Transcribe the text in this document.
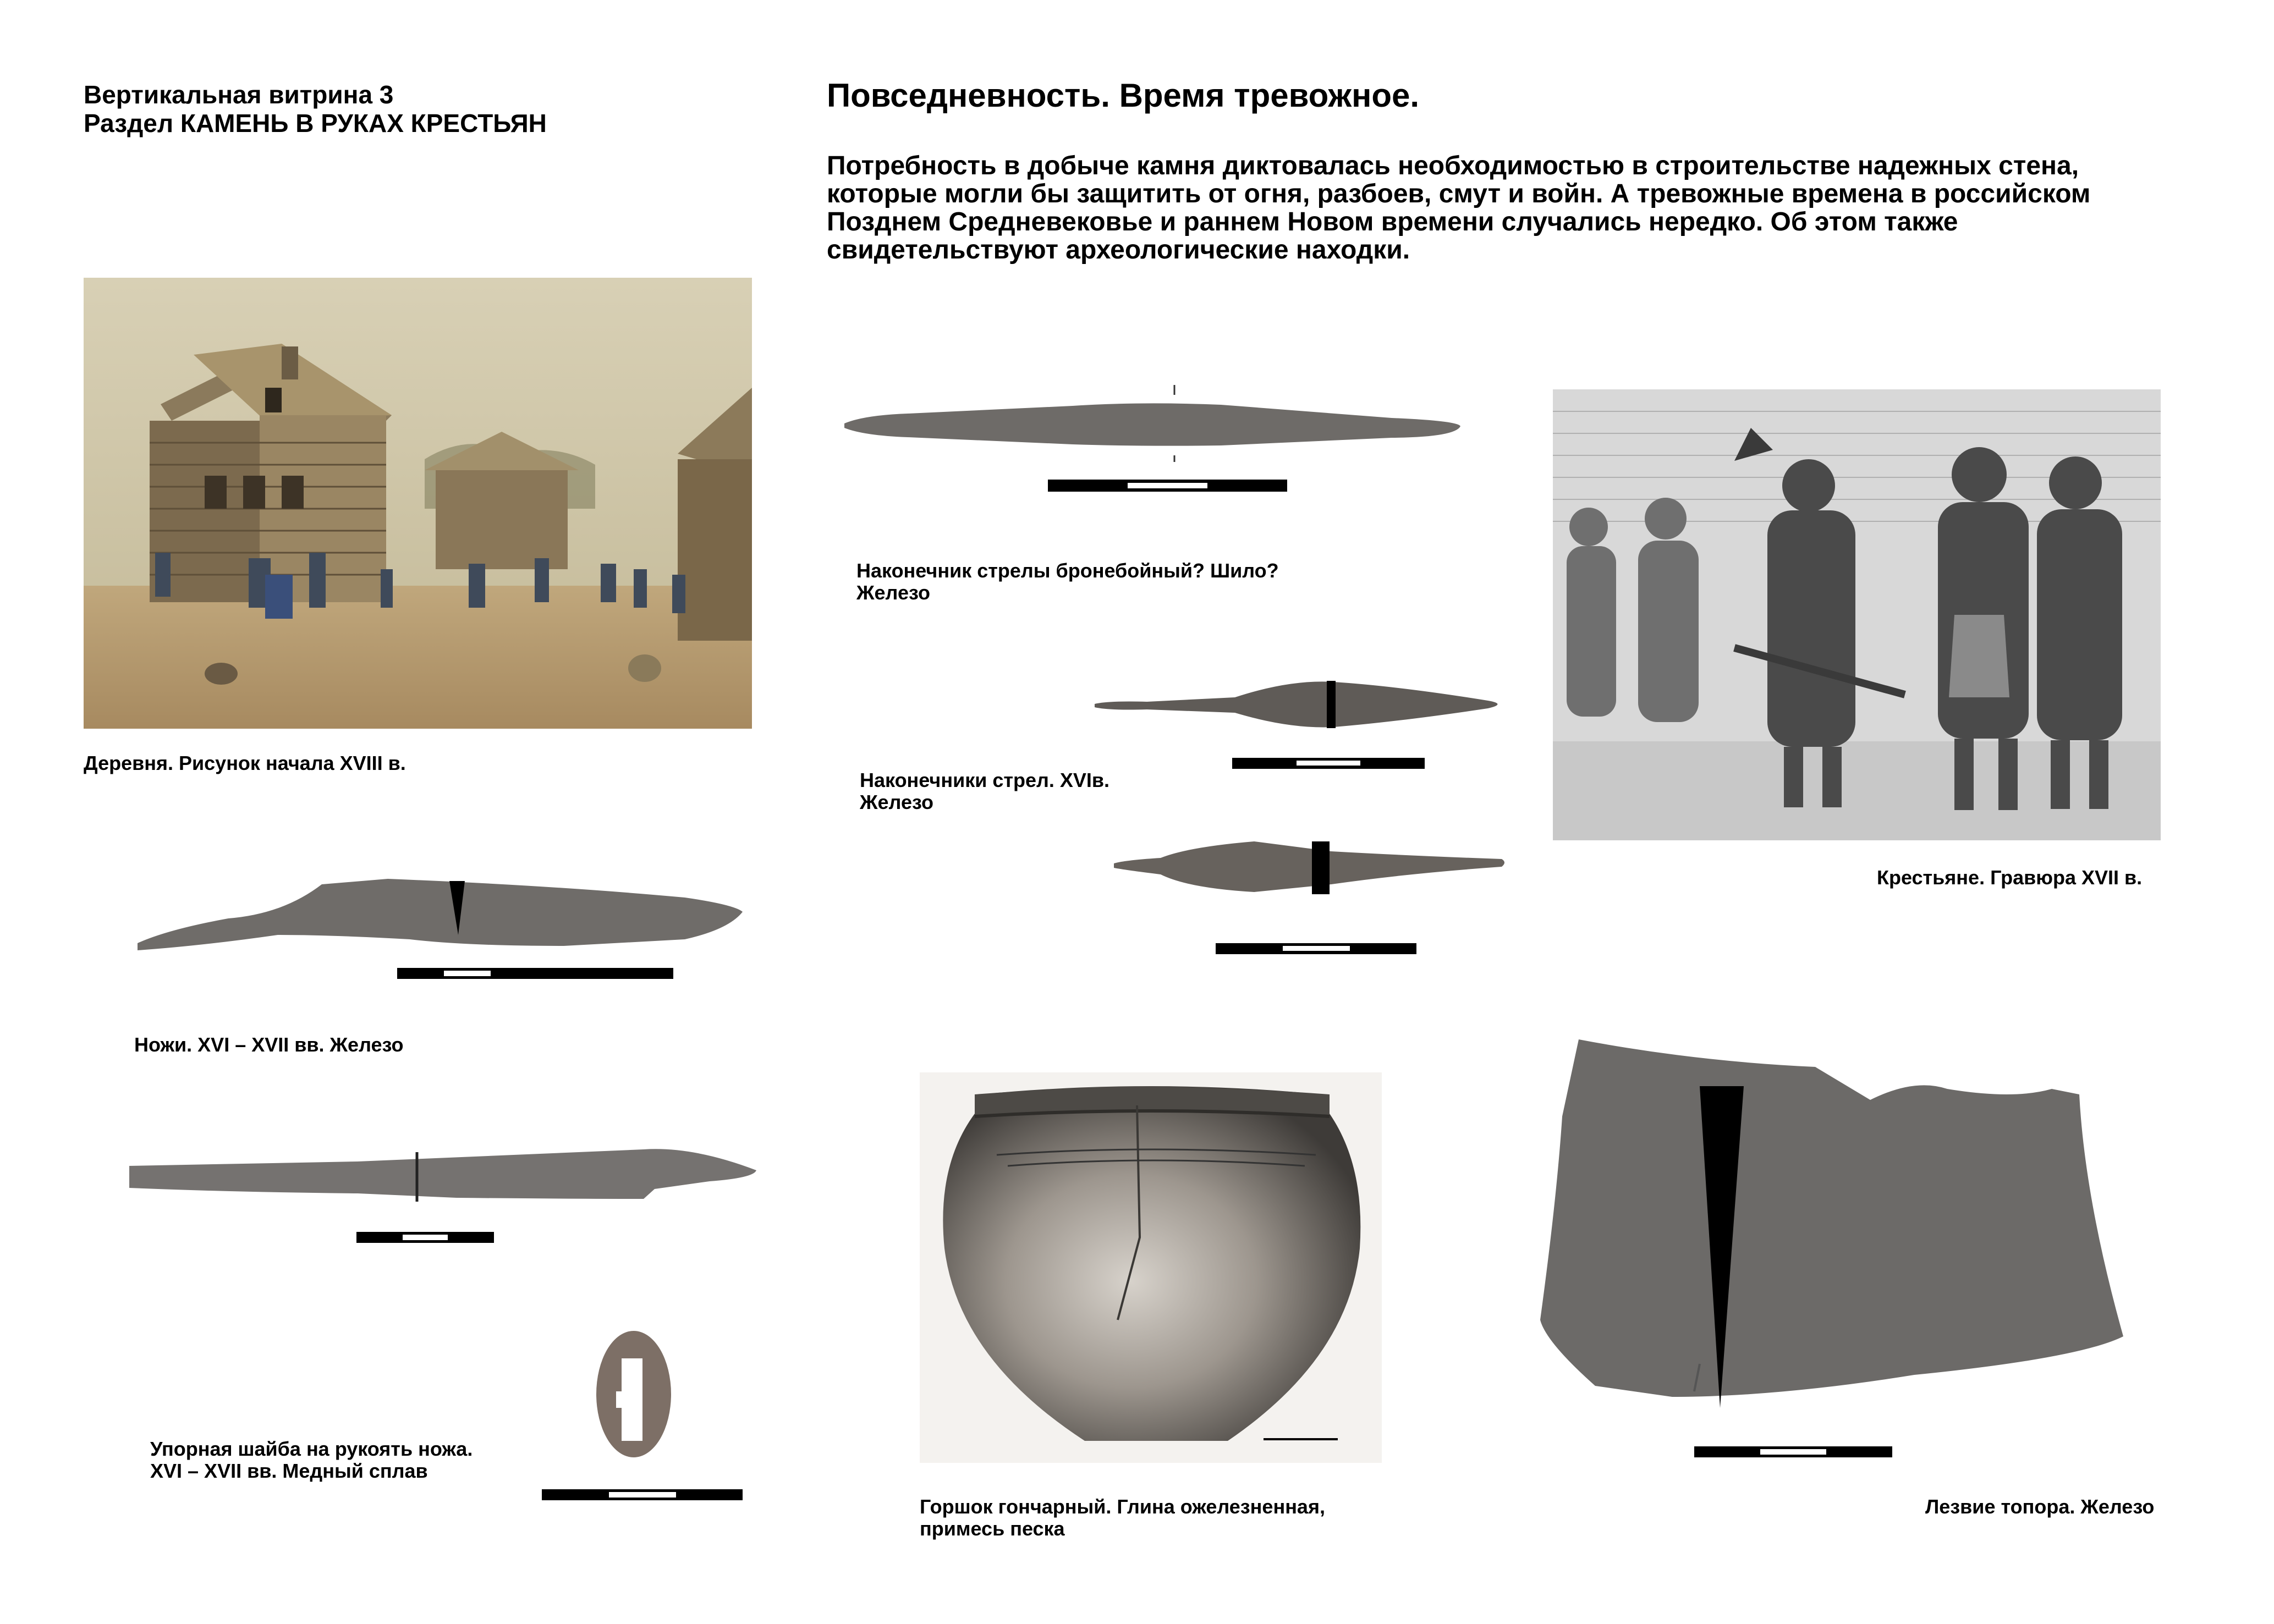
Вертикальная витрина 3
Раздел КАМЕНЬ В РУКАХ КРЕСТЬЯН
Повседневность. Время тревожное.
Потребность в добыче камня диктовалась необходимостью в строительстве надежных стена,
которые могли бы защитить от огня, разбоев, смут и войн. А тревожные времена в российском
Позднем Средневековье и раннем Новом времени случались нередко. Об этом также
свидетельствуют археологические находки.
Деревня. Рисунок начала XVIII в.
Наконечник стрелы бронебойный? Шило?
Железо
Наконечники стрел. XVIв.
Железо
Крестьяне. Гравюра XVII в.
Ножи. XVI – XVII вв. Железо
Упорная шайба на рукоять ножа.
XVI – XVII вв. Медный сплав
Горшок гончарный. Глина ожелезненная,
примесь песка
Лезвие топора. Железо
